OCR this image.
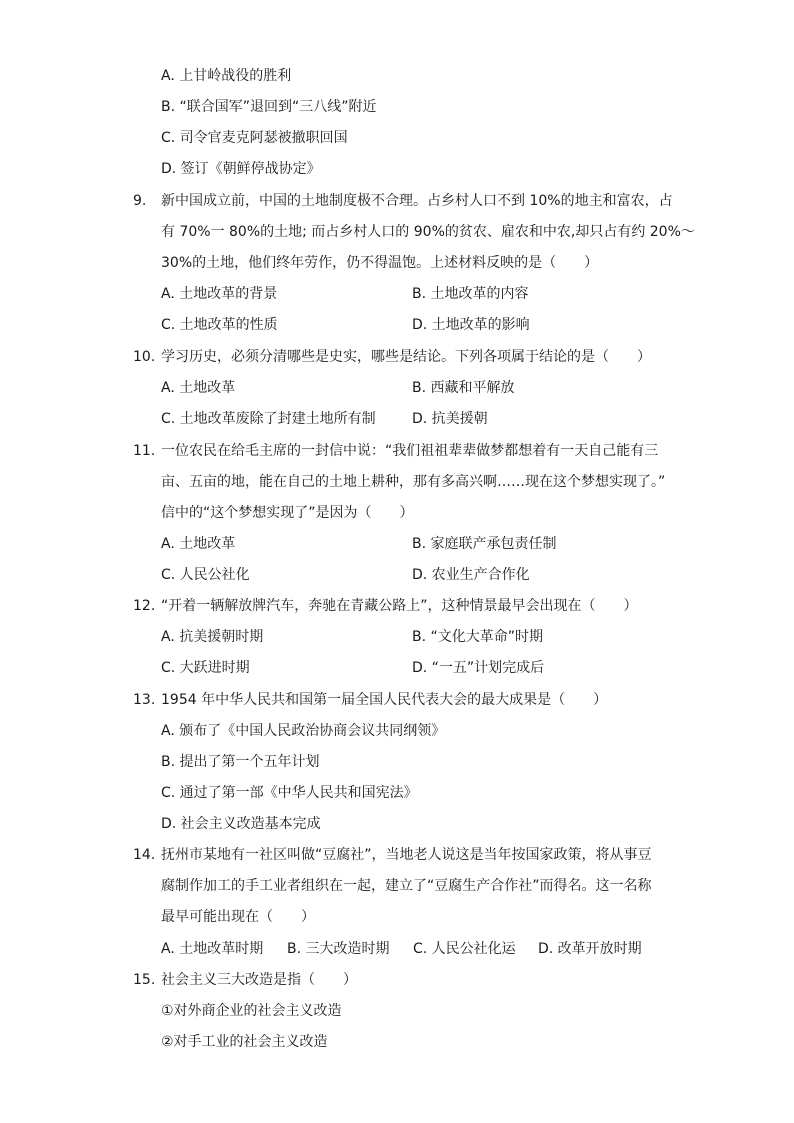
A. 上甘岭战役的胜利
B. “联合国军”退回到“三八线”附近
C. 司令官麦克阿瑟被撤职回国
D. 签订《朝鲜停战协定》
9. 新中国成立前，中国的土地制度极不合理。占乡村人口不到 10%的地主和富农，占
有 70%一 80%的土地; 而占乡村人口的 90%的贫农、雇农和中农,却只占有约 20%～
30%的土地，他们终年劳作，仍不得温饱。上述材料反映的是（　　）
A. 土地改革的背景	B. 土地改革的内容
C. 土地改革的性质	D. 土地改革的影响
10. 学习历史，必须分清哪些是史实，哪些是结论。下列各项属于结论的是（　　）
A. 土地改革	B. 西藏和平解放
C. 土地改革废除了封建土地所有制	D. 抗美援朝
11. 一位农民在给毛主席的一封信中说：“我们祖祖辈辈做梦都想着有一天自己能有三
亩、五亩的地，能在自己的土地上耕种，那有多高兴啊……现在这个梦想实现了。”
信中的“这个梦想实现了”是因为（　　）
A. 土地改革	B. 家庭联产承包责任制
C. 人民公社化	D. 农业生产合作化
12. “开着一辆解放牌汽车，奔驰在青藏公路上”，这种情景最早会出现在（　　）
A. 抗美援朝时期	B. “文化大革命”时期
C. 大跃进时期	D. “一五”计划完成后
13. 1954 年中华人民共和国第一届全国人民代表大会的最大成果是（　　）
A. 颁布了《中国人民政治协商会议共同纲领》
B. 提出了第一个五年计划
C. 通过了第一部《中华人民共和国宪法》
D. 社会主义改造基本完成
14. 抚州市某地有一社区叫做“豆腐社”，当地老人说这是当年按国家政策，将从事豆
腐制作加工的手工业者组织在一起，建立了“豆腐生产合作社”而得名。这一名称
最早可能出现在（　　）
A. 土地改革时期 B. 三大改造时期 C. 人民公社化运 D. 改革开放时期
15. 社会主义三大改造是指（　　）
①对外商企业的社会主义改造
②对手工业的社会主义改造
